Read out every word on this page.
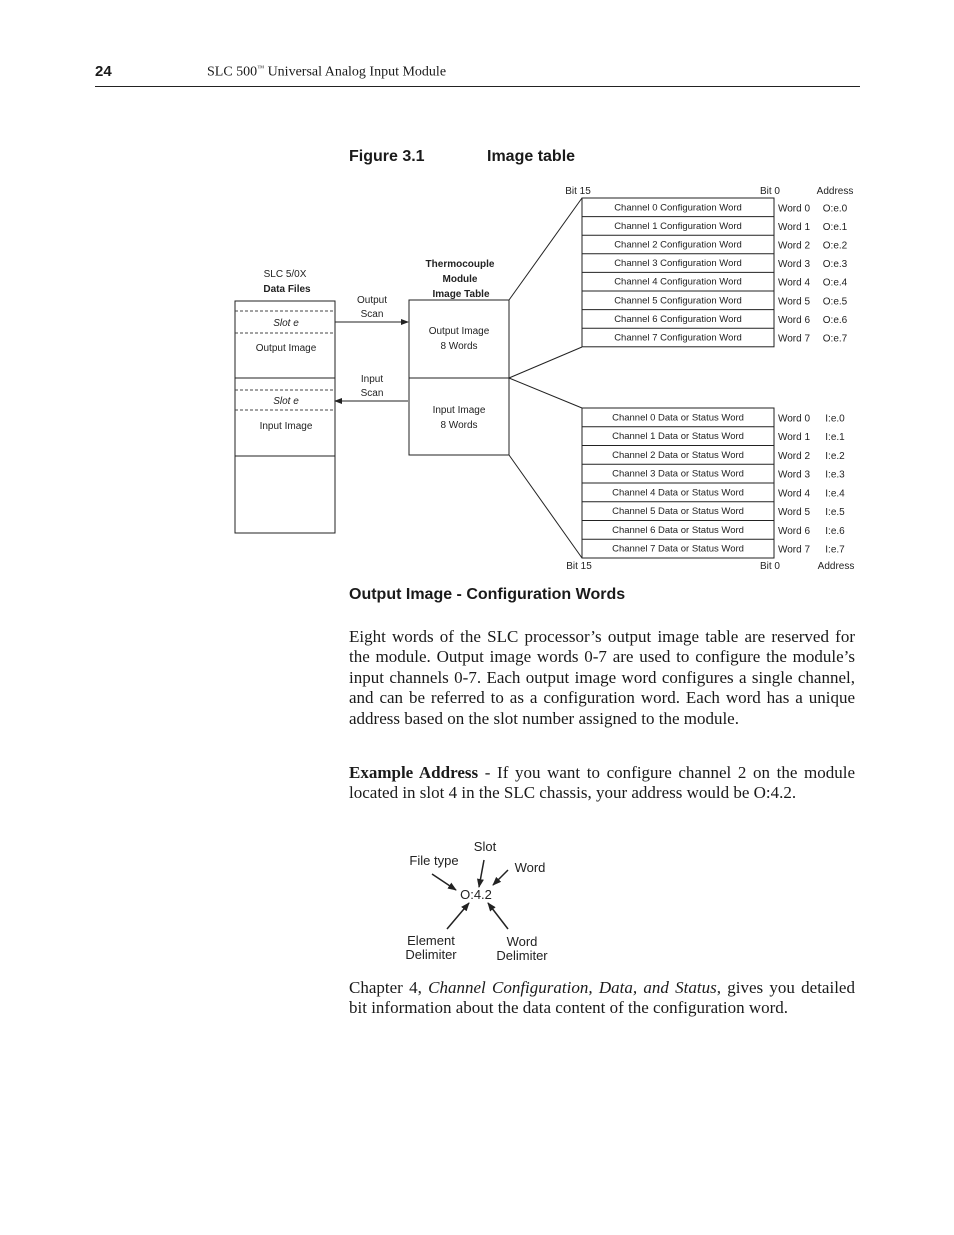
24	SLC 500™ Universal Analog Input Module
Figure 3.1	Image table
SLC 5/0X
Data Files
Slot e
Output Image
Slot e
Input Image
Output
Scan
Input
Scan
Thermocouple
Module
Image Table
Output Image
8 Words
Input Image
8 Words
Bit 15	Bit 0	Address
Channel 0 Configuration Word	Word 0 O:e.0
Channel 1 Configuration Word	Word 1 O:e.1
Channel 2 Configuration Word	Word 2 O:e.2
Channel 3 Configuration Word	Word 3 O:e.3
Channel 4 Configuration Word	Word 4 O:e.4
Channel 5 Configuration Word	Word 5 O:e.5
Channel 6 Configuration Word	Word 6 O:e.6
Channel 7 Configuration Word	Word 7 O:e.7
Bit 15	Bit 0	Address
Channel 0 Data or Status Word	Word 0 I:e.0
Channel 1 Data or Status Word	Word 1 I:e.1
Channel 2 Data or Status Word	Word 2 I:e.2
Channel 3 Data or Status Word	Word 3 I:e.3
Channel 4 Data or Status Word	Word 4 I:e.4
Channel 5 Data or Status Word	Word 5 I:e.5
Channel 6 Data or Status Word	Word 6 I:e.6
Channel 7 Data or Status Word	Word 7 I:e.7
Output Image - Configuration Words

Eight words of the SLC processor’s output image table are reserved for the module. Output image words 0-7 are used to configure the module’s input channels 0-7. Each output image word configures a single channel, and can be referred to as a configuration word. Each word has a unique address based on the slot number assigned to the module.

Example Address - If you want to configure channel 2 on the module located in slot 4 in the SLC chassis, your address would be O:4.2.

Chapter 4, Channel Configuration, Data, and Status, gives you detailed bit information about the data content of the configuration word.

O:4.2
File type
Slot
Word
Element
Delimiter
Word
Delimiter
